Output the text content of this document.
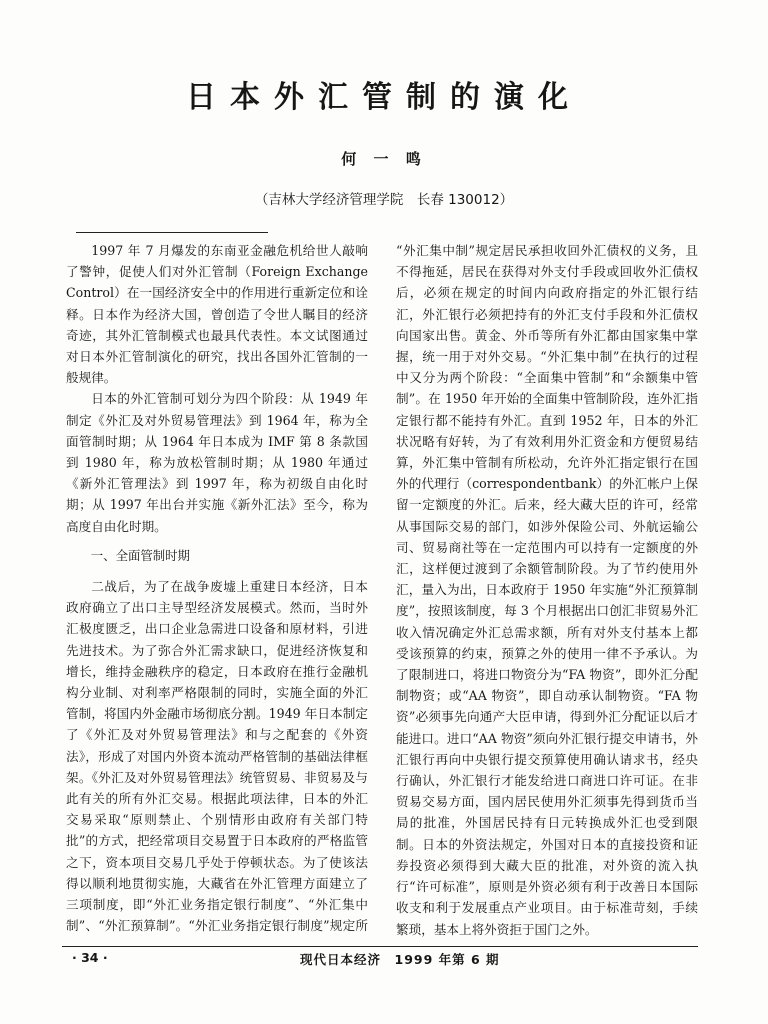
日本外汇管制的演化
何 一 鸣
（吉林大学经济管理学院　长春 130012）

1997 年 7 月爆发的东南亚金融危机给世人敲响了警钟，促使人们对外汇管制（Foreign Exchange Control）在一国经济安全中的作用进行重新定位和诠释。日本作为经济大国，曾创造了令世人瞩目的经济奇迹，其外汇管制模式也最具代表性。本文试图通过对日本外汇管制演化的研究，找出各国外汇管制的一般规律。

日本的外汇管制可划分为四个阶段：从 1949 年制定《外汇及对外贸易管理法》到 1964 年，称为全面管制时期；从 1964 年日本成为 IMF 第 8 条款国到 1980 年，称为放松管制时期；从 1980 年通过《新外汇管理法》到 1997 年，称为初级自由化时期；从 1997 年出台并实施《新外汇法》至今，称为高度自由化时期。

一、全面管制时期

二战后，为了在战争废墟上重建日本经济，日本政府确立了出口主导型经济发展模式。然而，当时外汇极度匮乏，出口企业急需进口设备和原材料，引进先进技术。为了弥合外汇需求缺口，促进经济恢复和增长，维持金融秩序的稳定，日本政府在推行金融机构分业制、对利率严格限制的同时，实施全面的外汇管制，将国内外金融市场彻底分割。1949 年日本制定了《外汇及对外贸易管理法》和与之配套的《外资法》，形成了对国内外资本流动严格管制的基础法律框架。《外汇及对外贸易管理法》统管贸易、非贸易及与此有关的所有外汇交易。根据此项法律，日本的外汇交易采取“原则禁止、个别情形由政府有关部门特批”的方式，把经常项目交易置于日本政府的严格监管之下，资本项目交易几乎处于停顿状态。为了使该法得以顺利地贯彻实施，大藏省在外汇管理方面建立了三项制度，即“外汇业务指定银行制度”、“外汇集中制”、“外汇预算制”。“外汇业务指定银行制度”规定所

“外汇集中制”规定居民承担收回外汇债权的义务，且不得拖延，居民在获得对外支付手段或回收外汇债权后，必须在规定的时间内向政府指定的外汇银行结汇，外汇银行必须把持有的外汇支付手段和外汇债权向国家出售。黄金、外币等所有外汇都由国家集中掌握，统一用于对外交易。“外汇集中制”在执行的过程中又分为两个阶段：“全面集中管制”和“余额集中管制”。在 1950 年开始的全面集中管制阶段，连外汇指定银行都不能持有外汇。直到 1952 年，日本的外汇状况略有好转，为了有效利用外汇资金和方便贸易结算，外汇集中管制有所松动，允许外汇指定银行在国外的代理行（correspondentbank）的外汇帐户上保留一定额度的外汇。后来，经大藏大臣的许可，经常从事国际交易的部门，如涉外保险公司、外航运输公司、贸易商社等在一定范围内可以持有一定额度的外汇，这样便过渡到了余额管制阶段。为了节约使用外汇，量入为出，日本政府于 1950 年实施“外汇预算制度”，按照该制度，每 3 个月根据出口创汇非贸易外汇收入情况确定外汇总需求额，所有对外支付基本上都受该预算的约束，预算之外的使用一律不予承认。为了限制进口，将进口物资分为“FA 物资”，即外汇分配制物资；或“AA 物资”，即自动承认制物资。“FA 物资”必须事先向通产大臣申请，得到外汇分配证以后才能进口。进口“AA 物资”须向外汇银行提交申请书，外汇银行再向中央银行提交预算使用确认请求书，经央行确认，外汇银行才能发给进口商进口许可证。在非贸易交易方面，国内居民使用外汇须事先得到货币当局的批准，外国居民持有日元转换成外汇也受到限制。日本的外资法规定，外国对日本的直接投资和证券投资必须得到大藏大臣的批准，对外资的流入执行“许可标准”，原则是外资必须有利于改善日本国际收支和利于发展重点产业项目。由于标准苛刻，手续繁琐，基本上将外资拒于国门之外。

· 34 ·	现代日本经济　1999 年第 6 期
